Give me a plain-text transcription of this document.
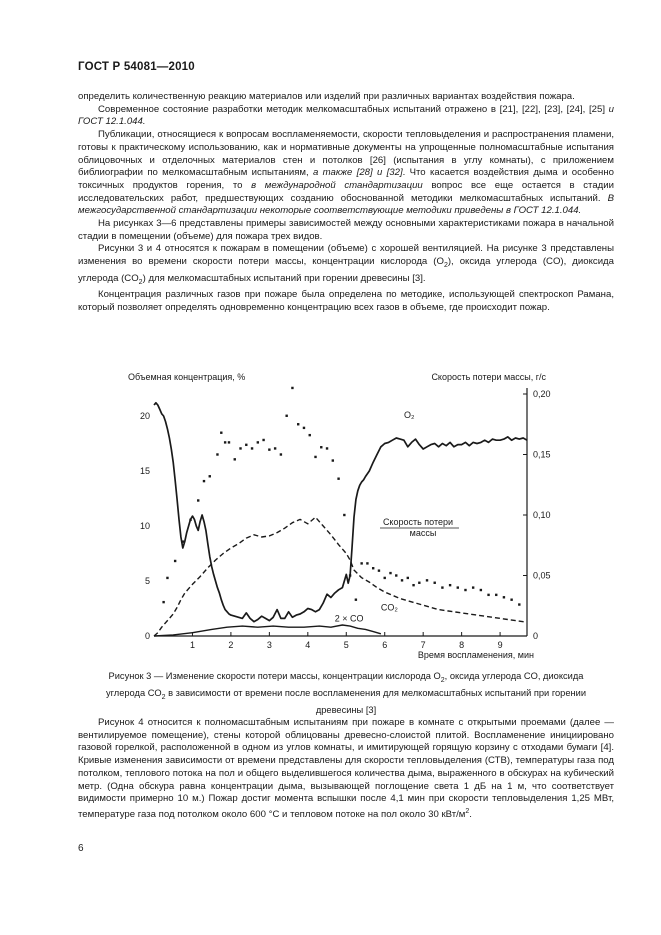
ГОСТ Р 54081—2010

определить количественную реакцию материалов или изделий при различных вариантах воздействия пожара.

Современное состояние разработки методик мелкомасштабных испытаний отражено в [21], [22], [23], [24], [25] и ГОСТ 12.1.044.

Публикации, относящиеся к вопросам воспламеняемости, скорости тепловыделения и распространения пламени, готовы к практическому использованию, как и нормативные документы на упрощенные полномасштабные испытания облицовочных и отделочных материалов стен и потолков [26] (испытания в углу комнаты), с приложением библиографии по мелкомасштабным испытаниям, а также [28] и [32]. Что касается воздействия дыма и особенно токсичных продуктов горения, то в международной стандартизации вопрос все еще остается в стадии исследовательских работ, предшествующих созданию обоснованной методики мелкомасштабных испытаний. В межгосударственной стандартизации некоторые соответствующие методики приведены в ГОСТ 12.1.044.

На рисунках 3—6 представлены примеры зависимостей между основными характеристиками пожара в начальной стадии в помещении (объеме) для пожара трех видов.

Рисунки 3 и 4 относятся к пожарам в помещении (объеме) с хорошей вентиляцией. На рисунке 3 представлены изменения во времени скорости потери массы, концентрации кислорода $(O_2)$, оксида углерода (CO), диоксида углерода $(CO_2)$ для мелкомасштабных испытаний при горении древесины [3].

Концентрация различных газов при пожаре была определена по методике, использующей спектроскоп Рамана, который позволяет определять одновременно концентрацию всех газов в объеме, где происходит пожар.

1	2	3	4	5	6	7	8	9
0
5
10
15
20
0
0,05
0,10
0,15
0,20
Объемная концентрация, %	Скорость потери массы, г/с
Время воспламенения, мин
O₂
Скорость потери
массы
CO₂
2 × CO
Рисунок 3 — Изменение скорости потери массы, концентрации кислорода $O_2$, оксида углерода CO, диоксида углерода $CO_2$ в зависимости от времени после воспламенения для мелкомасштабных испытаний при горении древесины [3]

Рисунок 4 относится к полномасштабным испытаниям при пожаре в комнате с открытыми проемами (далее — вентилируемое помещение), стены которой облицованы древесно-слоистой плитой. Воспламенение инициировано газовой горелкой, расположенной в одном из углов комнаты, и имитирующей горящую корзину с отходами бумаги [4]. Кривые изменения зависимости от времени представлены для скорости тепловыделения (СТВ), температуры газа под потолком, теплового потока на пол и общего выделившегося количества дыма, выраженного в обскурах на кубический метр. (Одна обскура равна концентрации дыма, вызывающей поглощение света 1 дБ на 1 м, что соответствует видимости примерно 10 м.) Пожар достиг момента вспышки после 4,1 мин при скорости тепловыделения 1,25 МВт, температуре газа под потолком около 600 °С и тепловом потоке на пол около 30 кВт/$м^2$.

6
